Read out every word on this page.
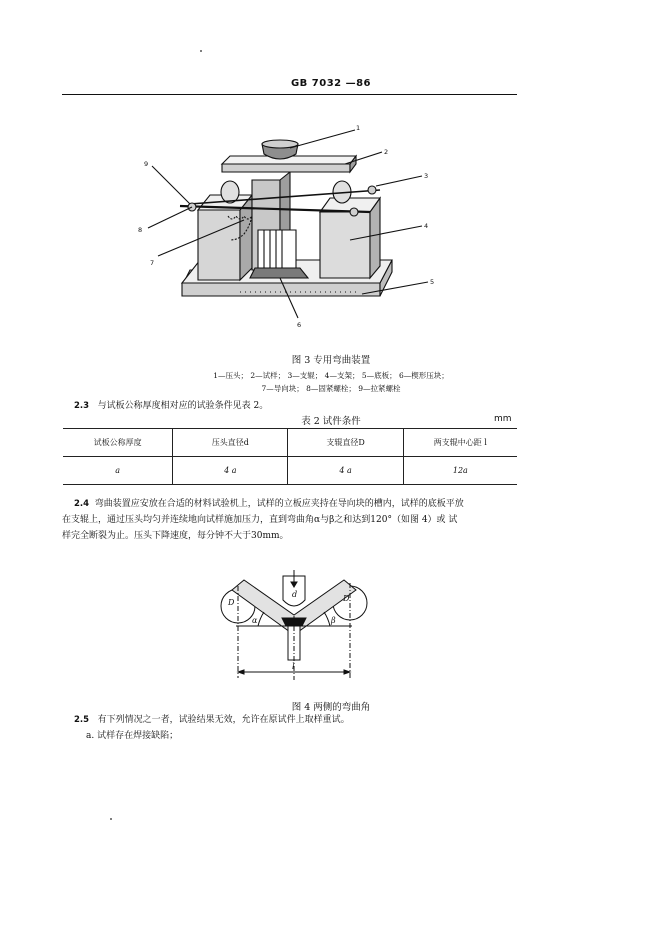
GB 7032 —86
1
2
3
4
5
6
7
8
9
图 3 专用弯曲装置
1—压头； 2—试样； 3—支辊； 4—支架； 5—底板； 6—楔形压块；
7—导向块； 8—固紧螺栓； 9—拉紧螺栓
2.3 与试板公称厚度相对应的试验条件见表 2。
表 2 试件条件	mm
试板公称厚度	压头直径d	支辊直径D	两支辊中心距 l
a	4 a	4 a	12a
2.4 弯曲装置应安放在合适的材料试验机上，试样的立板应夹持在导向块的槽内，试样的底板平放
在支辊上，通过压头均匀并连续地向试样施加压力，直到弯曲角α与β之和达到120°（如图 4）或 试
样完全断裂为止。压头下降速度，每分钟不大于30mm。
d
D	D
α	β
l
图 4 两侧的弯曲角
2.5 有下列情况之一者，试验结果无效，允许在原试件上取样重试。
a. 试样存在焊接缺陷；
